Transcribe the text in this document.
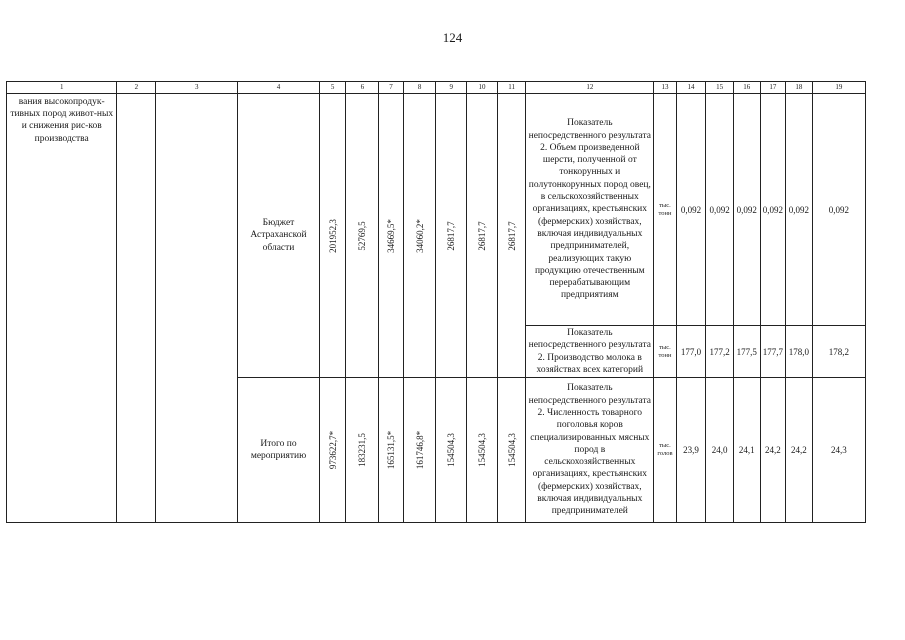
124
1	2	3	4	5	6	7	8	9	10	11	12	13	14	15	16	17	18	19
вания высокопродук-тивных пород живот-ных и снижения рис-ков производства			Бюджет Астраханской области	201952,3	52769,5	34669,5*	34060,2*	26817,7	26817,7	26817,7	Показатель непосредственного результата 2. Объем произведенной шерсти, полученной от тонкорунных и полутонкорунных пород овец, в сельскохозяйственных организациях, крестьянских (фермерских) хозяйствах, включая индивидуальных предпринимателей, реализующих такую продукцию отечественным перерабатывающим предприятиям	тыс. тонн	0,092	0,092	0,092	0,092	0,092	0,092
											Показатель непосредственного результата 2. Производство молока в хозяйствах всех категорий	тыс. тонн	177,0	177,2	177,5	177,7	178,0	178,2
			Итого по мероприятию	973622,7*	183231,5	165131,5*	161746,8*	154504,3	154504,3	154504,3	Показатель непосредственного результата 2. Численность товарного поголовья коров специализированных мясных пород в сельскохозяйственных организациях, крестьянских (фермерских) хозяйствах, включая индивидуальных предпринимателей	тыс. голов	23,9	24,0	24,1	24,2	24,2	24,3
